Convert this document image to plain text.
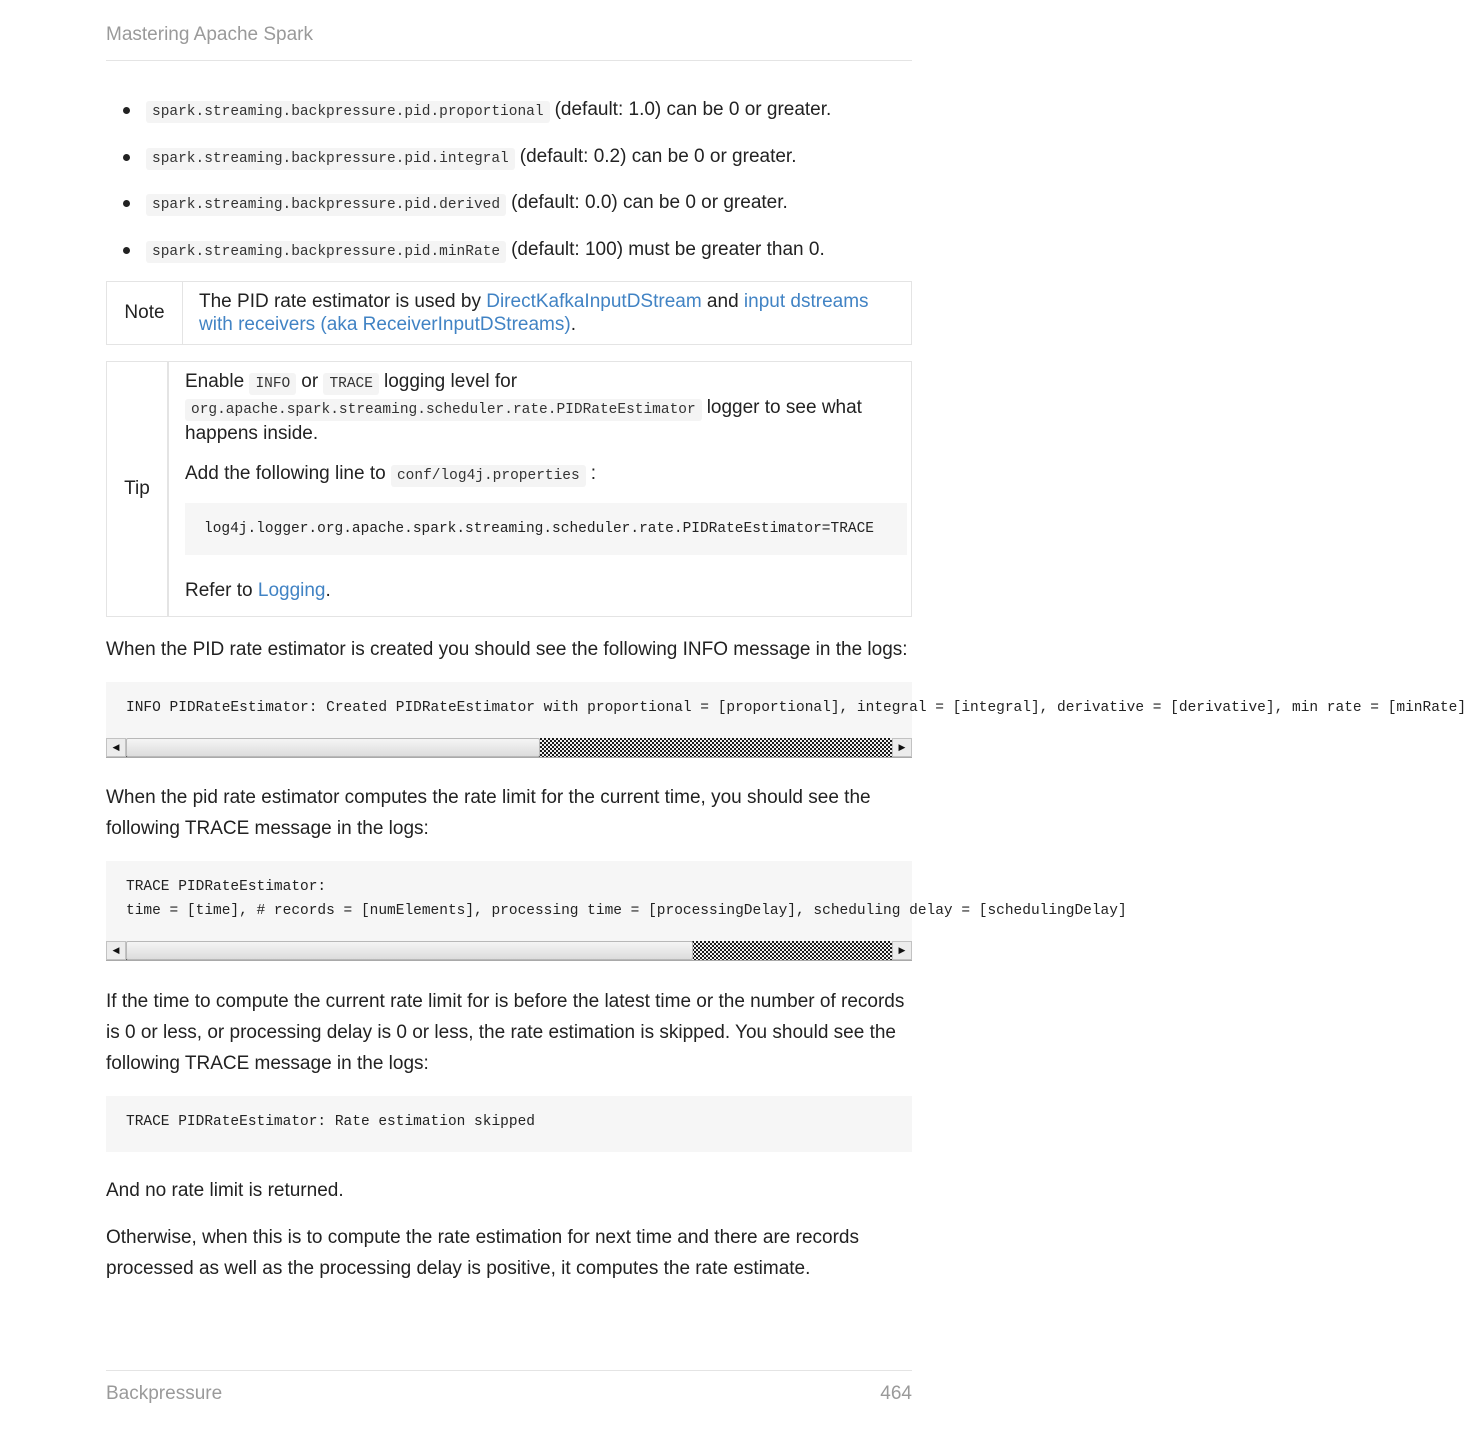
Mastering Apache Spark
spark.streaming.backpressure.pid.proportional (default: 1.0) can be 0 or greater.
spark.streaming.backpressure.pid.integral (default: 0.2) can be 0 or greater.
spark.streaming.backpressure.pid.derived (default: 0.0) can be 0 or greater.
spark.streaming.backpressure.pid.minRate (default: 100) must be greater than 0.
Note
The PID rate estimator is used by DirectKafkaInputDStream and input dstreams with receivers (aka ReceiverInputDStreams).
Tip

Enable INFO or TRACE logging level for
org.apache.spark.streaming.scheduler.rate.PIDRateEstimator logger to see what happens inside.

Add the following line to conf/log4j.properties :

log4j.logger.org.apache.spark.streaming.scheduler.rate.PIDRateEstimator=TRACE

Refer to Logging.

When the PID rate estimator is created you should see the following INFO message in the logs:

INFO PIDRateEstimator: Created PIDRateEstimator with proportional = [proportional], integral = [integral], derivative = [derivative], min rate = [minRate]
◀	▶

When the pid rate estimator computes the rate limit for the current time, you should see the following TRACE message in the logs:

TRACE PIDRateEstimator:
time = [time], # records = [numElements], processing time = [processingDelay], scheduling delay = [schedulingDelay]
◀	▶

If the time to compute the current rate limit for is before the latest time or the number of records is 0 or less, or processing delay is 0 or less, the rate estimation is skipped. You should see the following TRACE message in the logs:

TRACE PIDRateEstimator: Rate estimation skipped

And no rate limit is returned.

Otherwise, when this is to compute the rate estimation for next time and there are records processed as well as the processing delay is positive, it computes the rate estimate.

Backpressure	464
